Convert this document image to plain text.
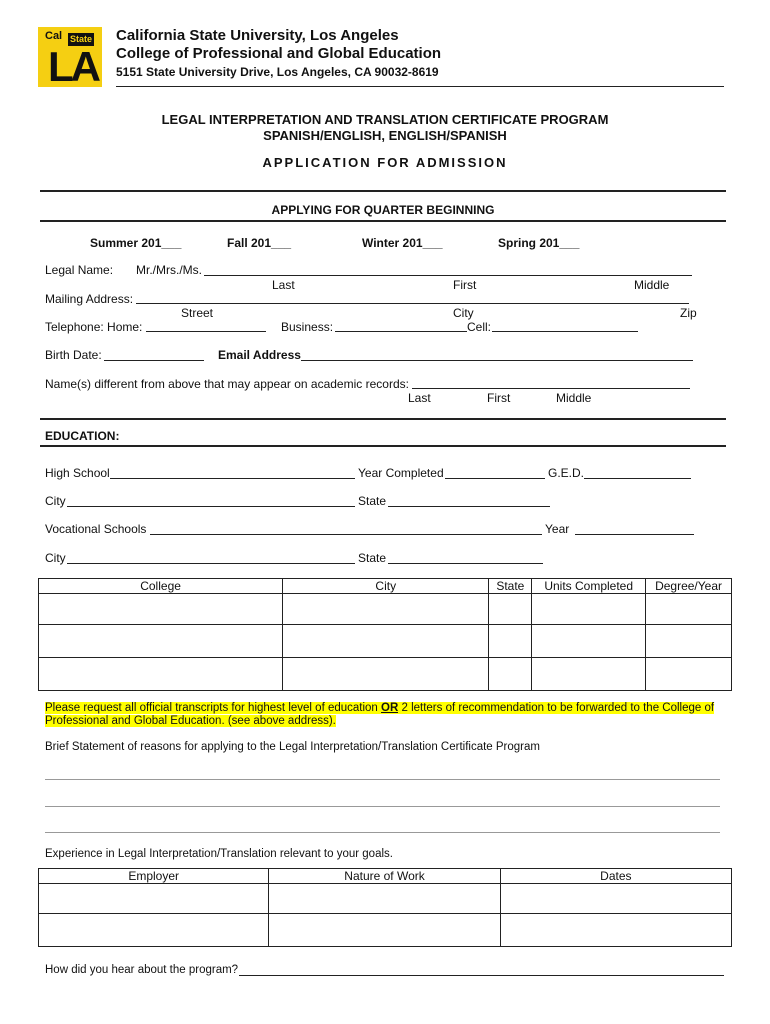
Cal State
LA
California State University, Los Angeles
College of Professional and Global Education
5151 State University Drive, Los Angeles, CA 90032-8619
LEGAL INTERPRETATION AND TRANSLATION CERTIFICATE PROGRAM
SPANISH/ENGLISH, ENGLISH/SPANISH
APPLICATION FOR ADMISSION
APPLYING FOR QUARTER BEGINNING
Summer 201___	Fall 201___	Winter 201___	Spring 201___
Legal Name: Mr./Mrs./Ms.
Last	First	Middle
Mailing Address:
Street	City	Zip
Telephone: Home:	Business:	Cell:
Birth Date:	Email Address
Name(s) different from above that may appear on academic records:
Last	First	Middle
EDUCATION:
High School	Year Completed	G.E.D.
City	State
Vocational Schools	Year
City	State
College	City	State	Units Completed	Degree/Year

Please request all official transcripts for highest level of education OR 2 letters of recommendation to be forwarded to the College of
Professional and Global Education. (see above address).
Brief Statement of reasons for applying to the Legal Interpretation/Translation Certificate Program
Experience in Legal Interpretation/Translation relevant to your goals.
Employer	Nature of Work	Dates

How did you hear about the program?
